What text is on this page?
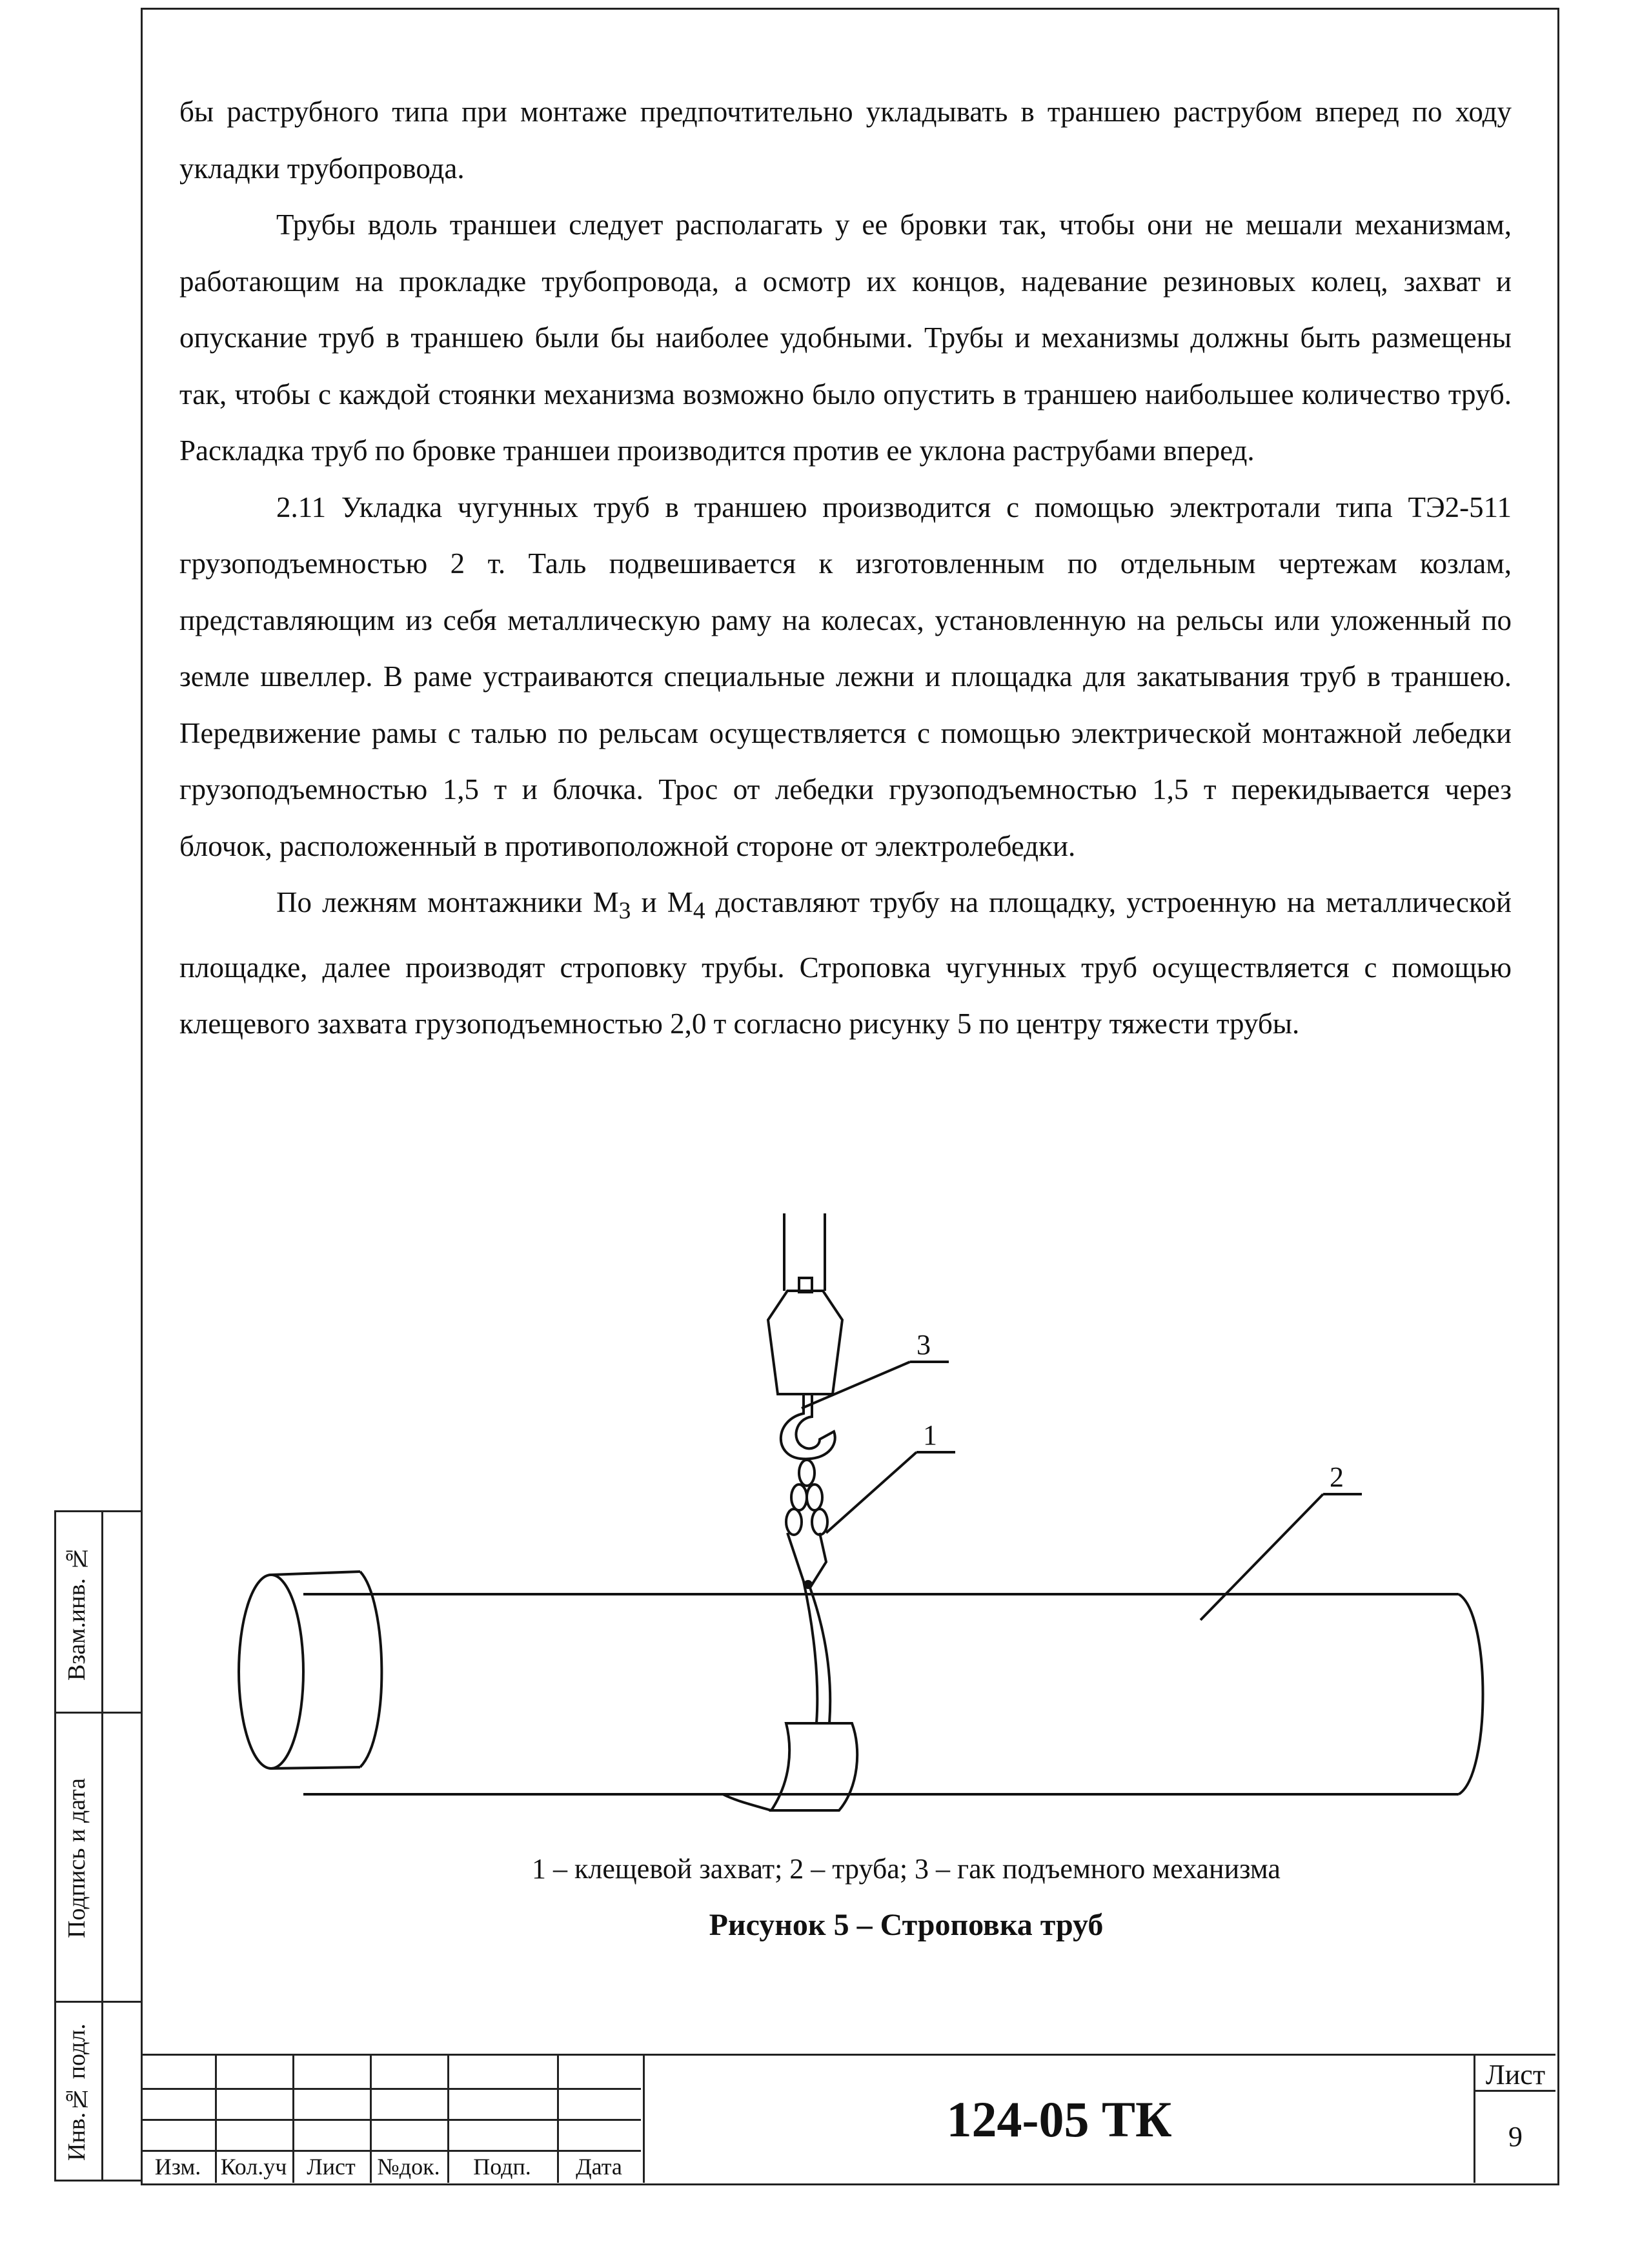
бы раструбного типа при монтаже предпочтительно укладывать в траншею раструбом вперед по ходу укладки трубопровода.

Трубы вдоль траншеи следует располагать у ее бровки так, чтобы они не мешали механизмам, работающим на прокладке трубопровода, а осмотр их концов, надевание резиновых колец, захват и опускание труб в траншею были бы наиболее удобными. Трубы и механизмы должны быть размещены так, чтобы с каждой стоянки механизма возможно было опустить в траншею наибольшее количество труб. Раскладка труб по бровке траншеи производится против ее уклона раструбами вперед.

2.11 Укладка чугунных труб в траншею производится с помощью электротали типа ТЭ2-511 грузоподъемностью 2 т. Таль подвешивается к изготовленным по отдельным чертежам козлам, представляющим из себя металлическую раму на колесах, установленную на рельсы или уложенный по земле швеллер. В раме устраиваются специальные лежни и площадка для закатывания труб в траншею. Передвижение рамы с талью по рельсам осуществляется с помощью электрической монтажной лебедки грузоподъемностью 1,5 т и блочка. Трос от лебедки грузоподъемностью 1,5 т перекидывается через блочок, расположенный в противоположной стороне от электролебедки.

По лежням монтажники $М_3$ и $М_4$ доставляют трубу на площадку, устроенную на металлической площадке, далее производят строповку трубы. Строповка чугунных труб осуществляется с помощью клещевого захвата грузоподъемностью 2,0 т согласно рисунку 5 по центру тяжести трубы.

3
1
2
1 – клещевой захват; 2 – труба; 3 – гак подъемного механизма
Рисунок 5 – Строповка труб
Взам.инв. №
Подпись и дата
Инв.№ подл.
Изм. Кол.уч Лист №док.	Подп.	Дата
124-05 ТК
Лист
9
